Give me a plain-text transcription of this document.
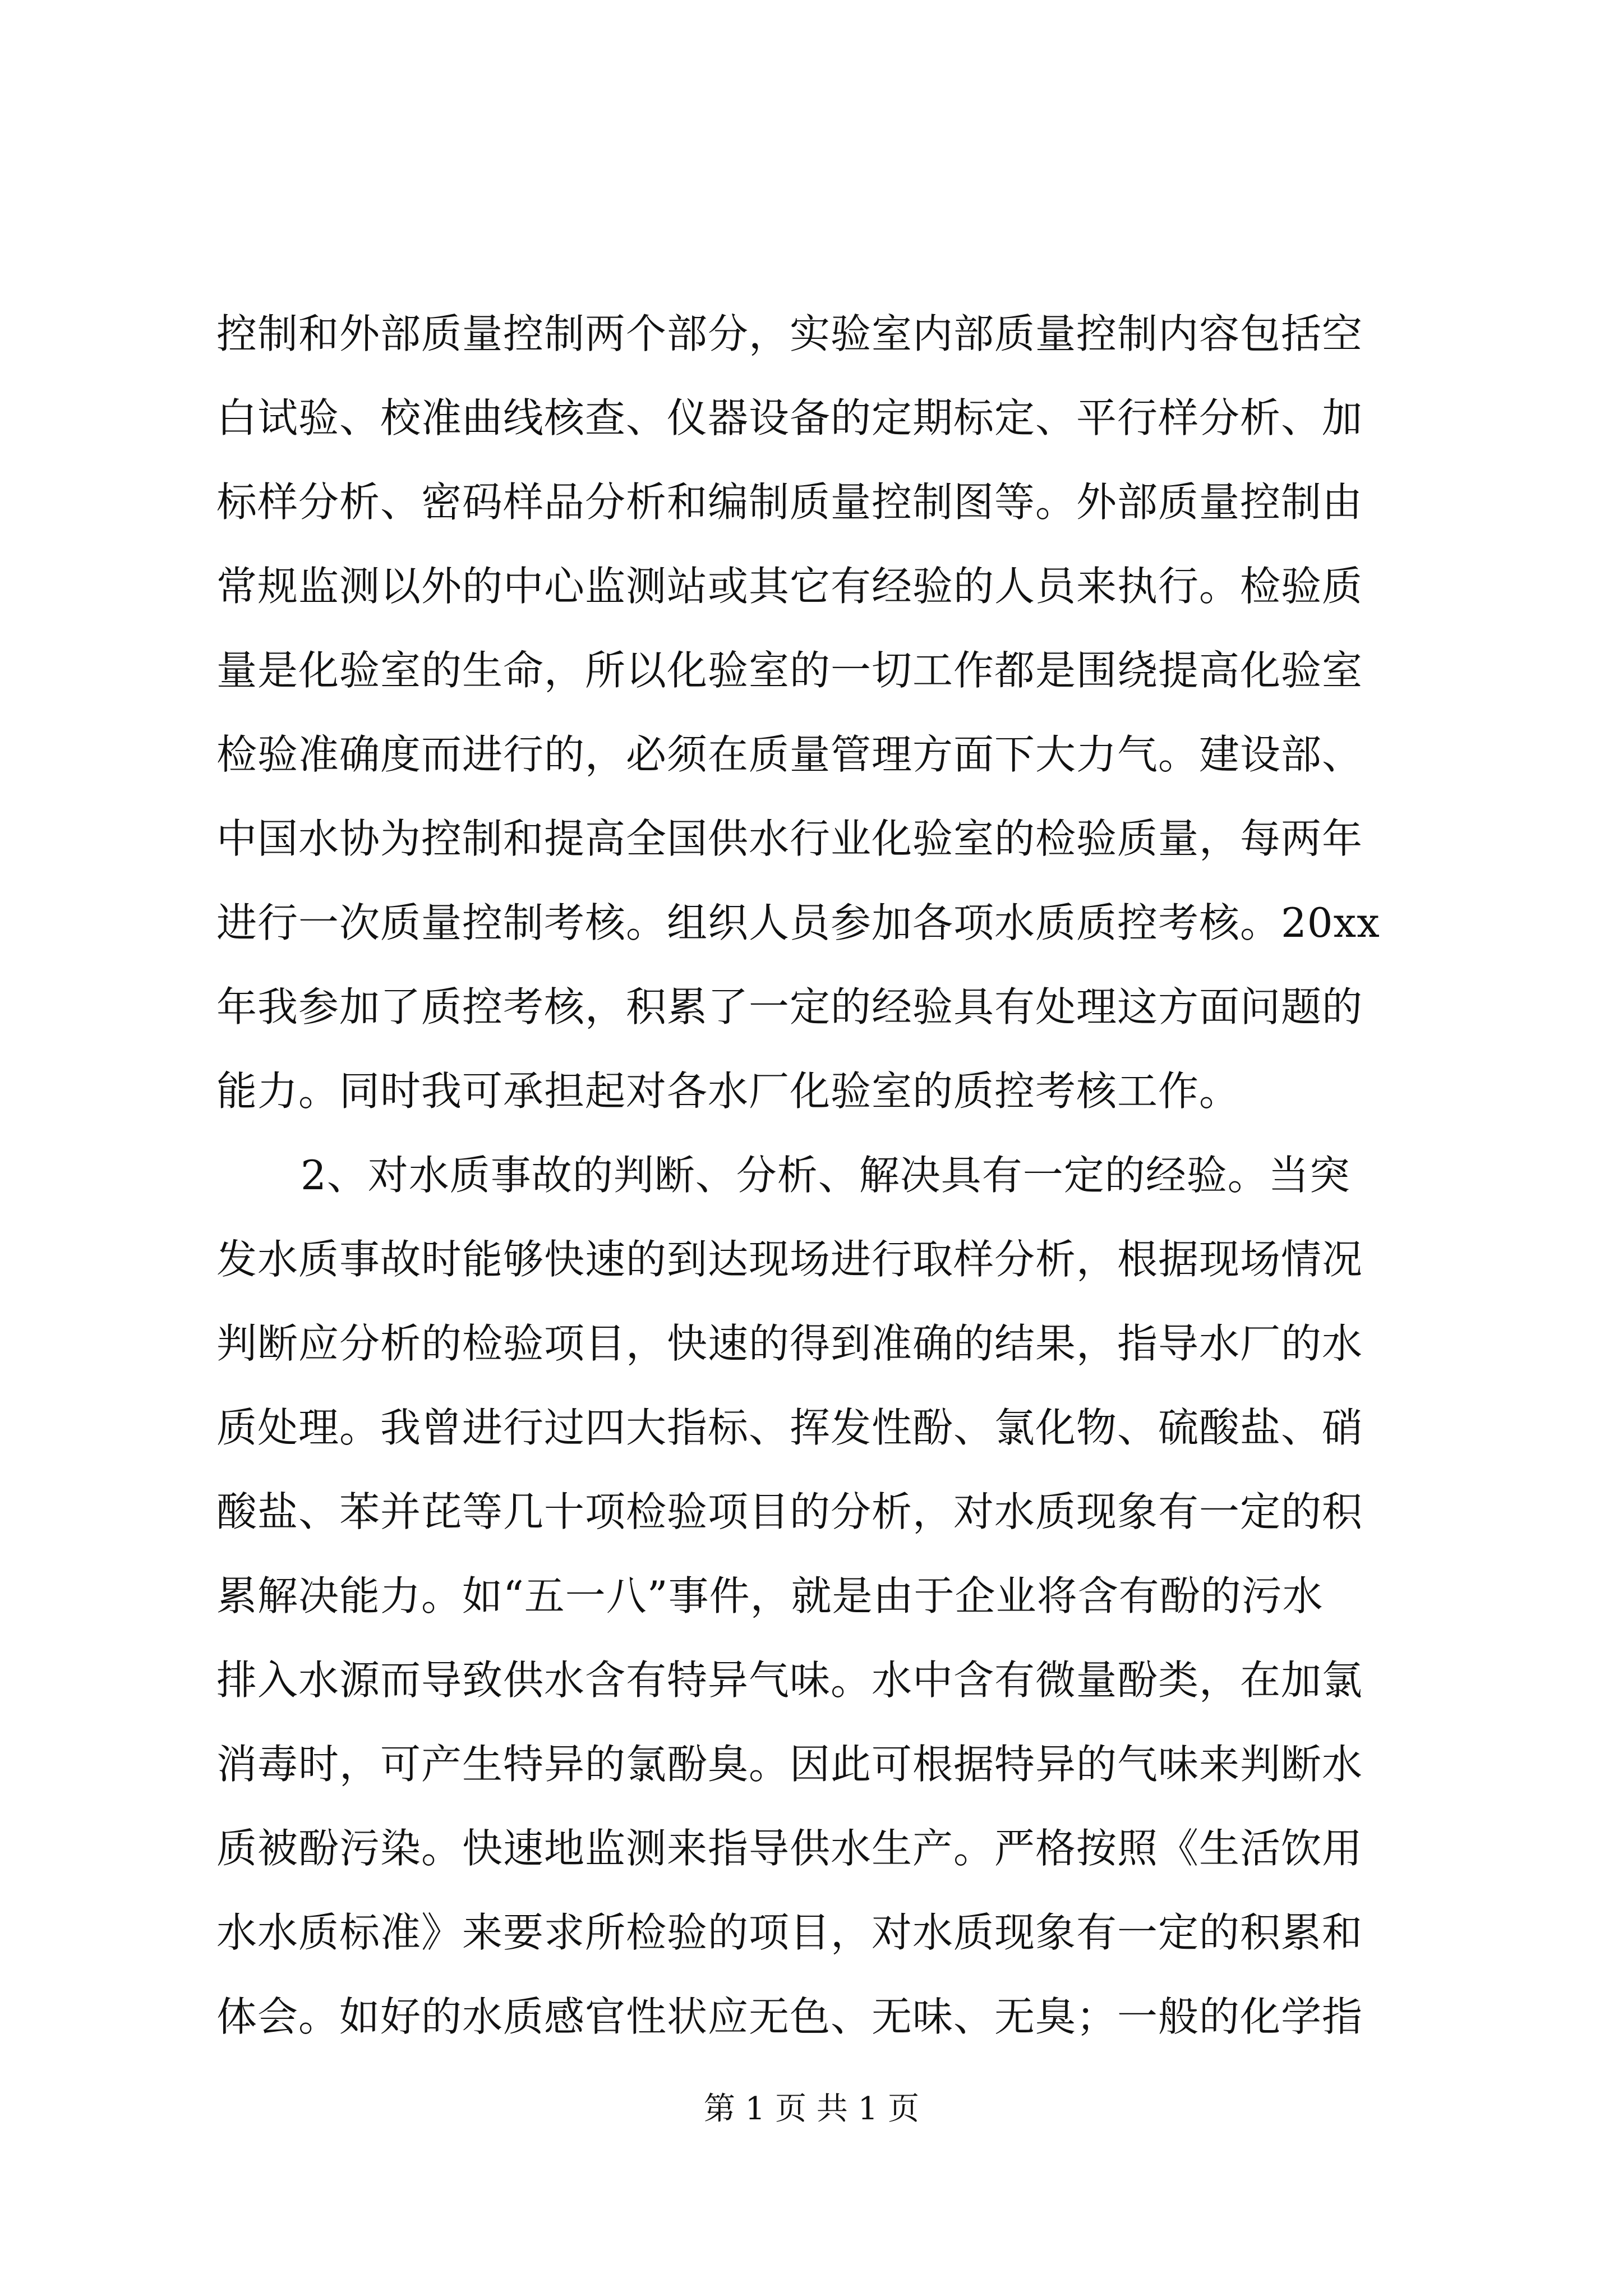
控制和外部质量控制两个部分，实验室内部质量控制内容包括空
白试验、校准曲线核查、仪器设备的定期标定、平行样分析、加
标样分析、密码样品分析和编制质量控制图等。外部质量控制由
常规监测以外的中心监测站或其它有经验的人员来执行。检验质
量是化验室的生命，所以化验室的一切工作都是围绕提高化验室
检验准确度而进行的，必须在质量管理方面下大力气。建设部、
中国水协为控制和提高全国供水行业化验室的检验质量，每两年
进行一次质量控制考核。组织人员参加各项水质质控考核。20xx
年我参加了质控考核，积累了一定的经验具有处理这方面问题的
能力。同时我可承担起对各水厂化验室的质控考核工作。
2、对水质事故的判断、分析、解决具有一定的经验。当突
发水质事故时能够快速的到达现场进行取样分析，根据现场情况
判断应分析的检验项目，快速的得到准确的结果，指导水厂的水
质处理。我曾进行过四大指标、挥发性酚、氯化物、硫酸盐、硝
酸盐、苯并芘等几十项检验项目的分析，对水质现象有一定的积
累解决能力。如“五一八”事件，就是由于企业将含有酚的污水
排入水源而导致供水含有特异气味。水中含有微量酚类，在加氯
消毒时，可产生特异的氯酚臭。因此可根据特异的气味来判断水
质被酚污染。快速地监测来指导供水生产。严格按照《生活饮用
水水质标准》来要求所检验的项目，对水质现象有一定的积累和
体会。如好的水质感官性状应无色、无味、无臭；一般的化学指
第 1 页 共 1 页
